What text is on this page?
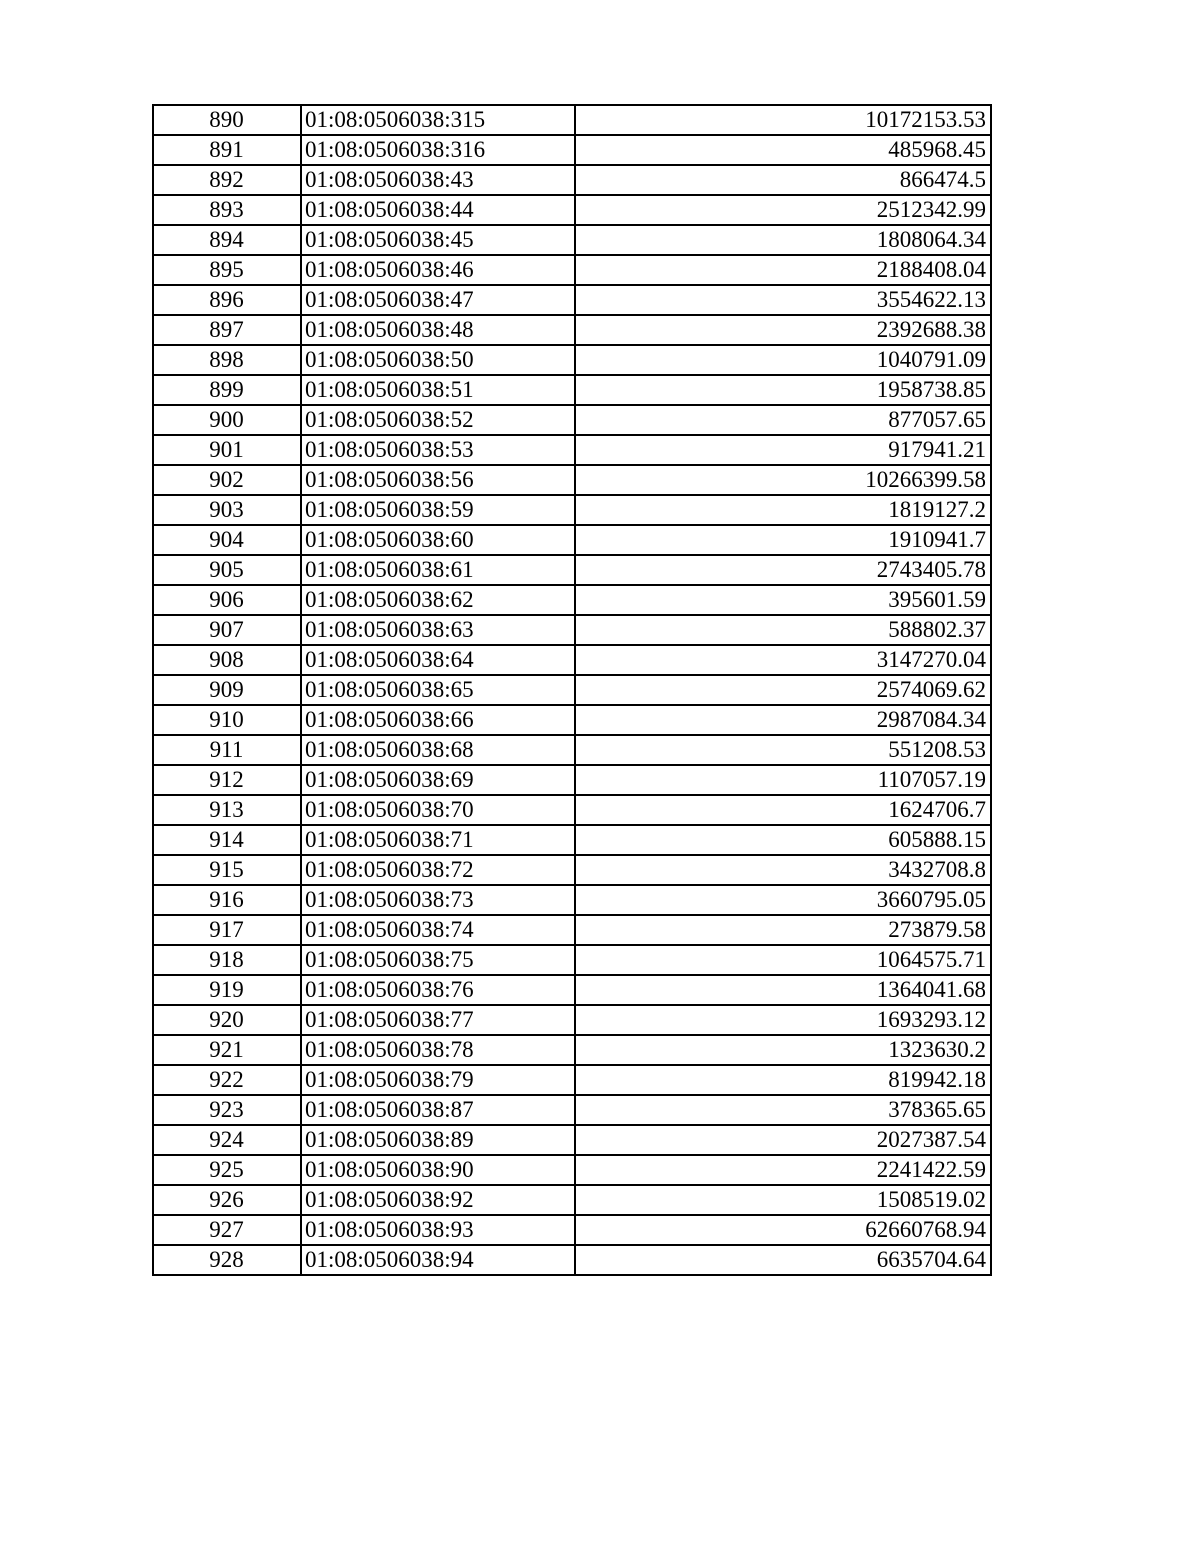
890	01:08:0506038:315	10172153.53
891	01:08:0506038:316	485968.45
892	01:08:0506038:43	866474.5
893	01:08:0506038:44	2512342.99
894	01:08:0506038:45	1808064.34
895	01:08:0506038:46	2188408.04
896	01:08:0506038:47	3554622.13
897	01:08:0506038:48	2392688.38
898	01:08:0506038:50	1040791.09
899	01:08:0506038:51	1958738.85
900	01:08:0506038:52	877057.65
901	01:08:0506038:53	917941.21
902	01:08:0506038:56	10266399.58
903	01:08:0506038:59	1819127.2
904	01:08:0506038:60	1910941.7
905	01:08:0506038:61	2743405.78
906	01:08:0506038:62	395601.59
907	01:08:0506038:63	588802.37
908	01:08:0506038:64	3147270.04
909	01:08:0506038:65	2574069.62
910	01:08:0506038:66	2987084.34
911	01:08:0506038:68	551208.53
912	01:08:0506038:69	1107057.19
913	01:08:0506038:70	1624706.7
914	01:08:0506038:71	605888.15
915	01:08:0506038:72	3432708.8
916	01:08:0506038:73	3660795.05
917	01:08:0506038:74	273879.58
918	01:08:0506038:75	1064575.71
919	01:08:0506038:76	1364041.68
920	01:08:0506038:77	1693293.12
921	01:08:0506038:78	1323630.2
922	01:08:0506038:79	819942.18
923	01:08:0506038:87	378365.65
924	01:08:0506038:89	2027387.54
925	01:08:0506038:90	2241422.59
926	01:08:0506038:92	1508519.02
927	01:08:0506038:93	62660768.94
928	01:08:0506038:94	6635704.64
